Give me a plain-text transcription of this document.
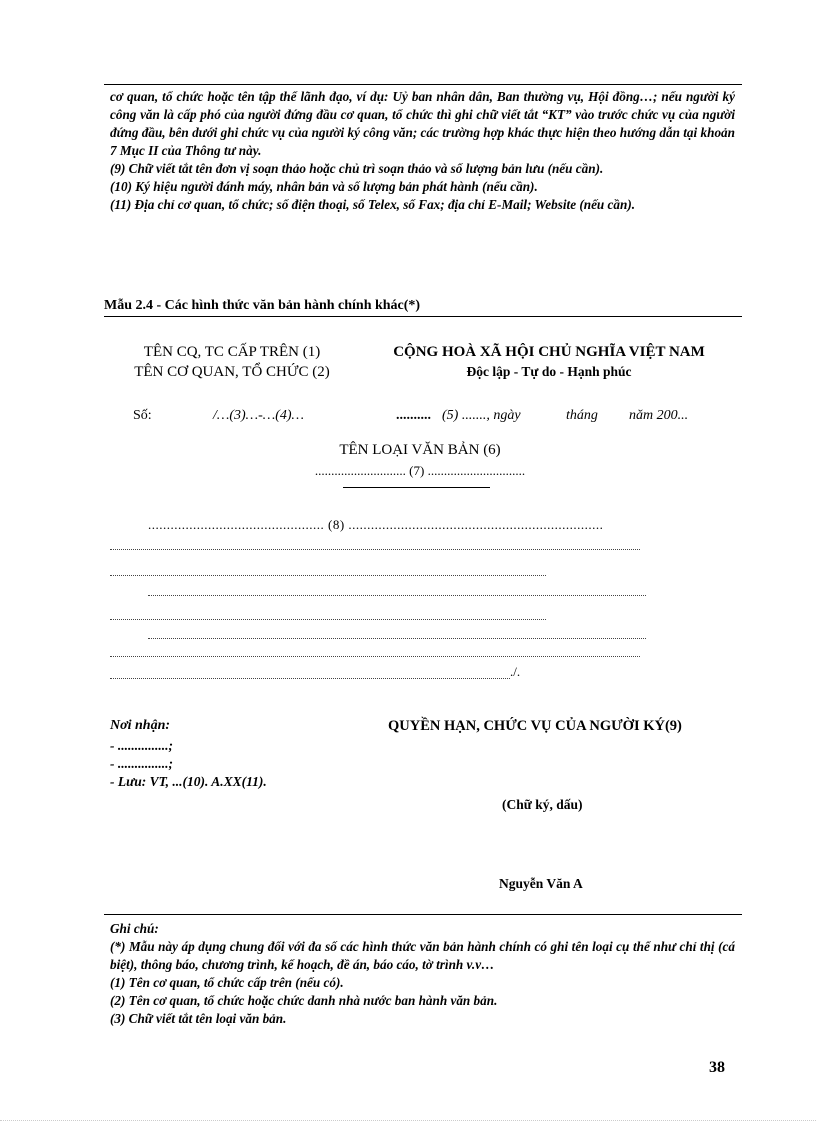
cơ quan, tổ chức hoặc tên tập thể lãnh đạo, ví dụ: Uỷ ban nhân dân, Ban thường vụ, Hội đồng…; nếu người ký công văn là cấp phó của người đứng đầu cơ quan, tổ chức thì ghi chữ viết tắt “KT” vào trước chức vụ của người đứng đầu, bên dưới ghi chức vụ của người ký công văn; các trường hợp khác thực hiện theo hướng dẫn tại khoản 7 Mục II của Thông tư này.

(9) Chữ viết tắt tên đơn vị soạn thảo hoặc chủ trì soạn thảo và số lượng bản lưu (nếu cần).

(10) Ký hiệu người đánh máy, nhân bản và số lượng bản phát hành (nếu cần).

(11) Địa chỉ cơ quan, tổ chức; số điện thoại, số Telex, số Fax; địa chỉ E-Mail; Website (nếu cần).

Mẫu 2.4 - Các hình thức văn bản hành chính khác(*)
TÊN CQ, TC CẤP TRÊN (1)
TÊN CƠ QUAN, TỔ CHỨC (2)
CỘNG HOÀ XÃ HỘI CHỦ NGHĨA VIỆT NAM
Độc lập - Tự do - Hạnh phúc
Số:	/…(3)…-…(4)…	.......... (5) ......., ngày	tháng năm 200...
TÊN LOẠI VĂN BẢN (6)
............................ (7) ..............................
............................................... (8) ....................................................................
./.
Nơi nhận:
- ...............;
- ...............;
- Lưu: VT, ...(10). A.XX(11).
QUYỀN HẠN, CHỨC VỤ CỦA NGƯỜI KÝ(9)
(Chữ ký, dấu)
Nguyễn Văn A

Ghi chú:

(*) Mẫu này áp dụng chung đối với đa số các hình thức văn bản hành chính có ghi tên loại cụ thể như chỉ thị (cá biệt), thông báo, chương trình, kế hoạch, đề án, báo cáo, tờ trình v.v…

(1) Tên cơ quan, tổ chức cấp trên (nếu có).

(2) Tên cơ quan, tổ chức hoặc chức danh nhà nước ban hành văn bản.

(3) Chữ viết tắt tên loại văn bản.

38
